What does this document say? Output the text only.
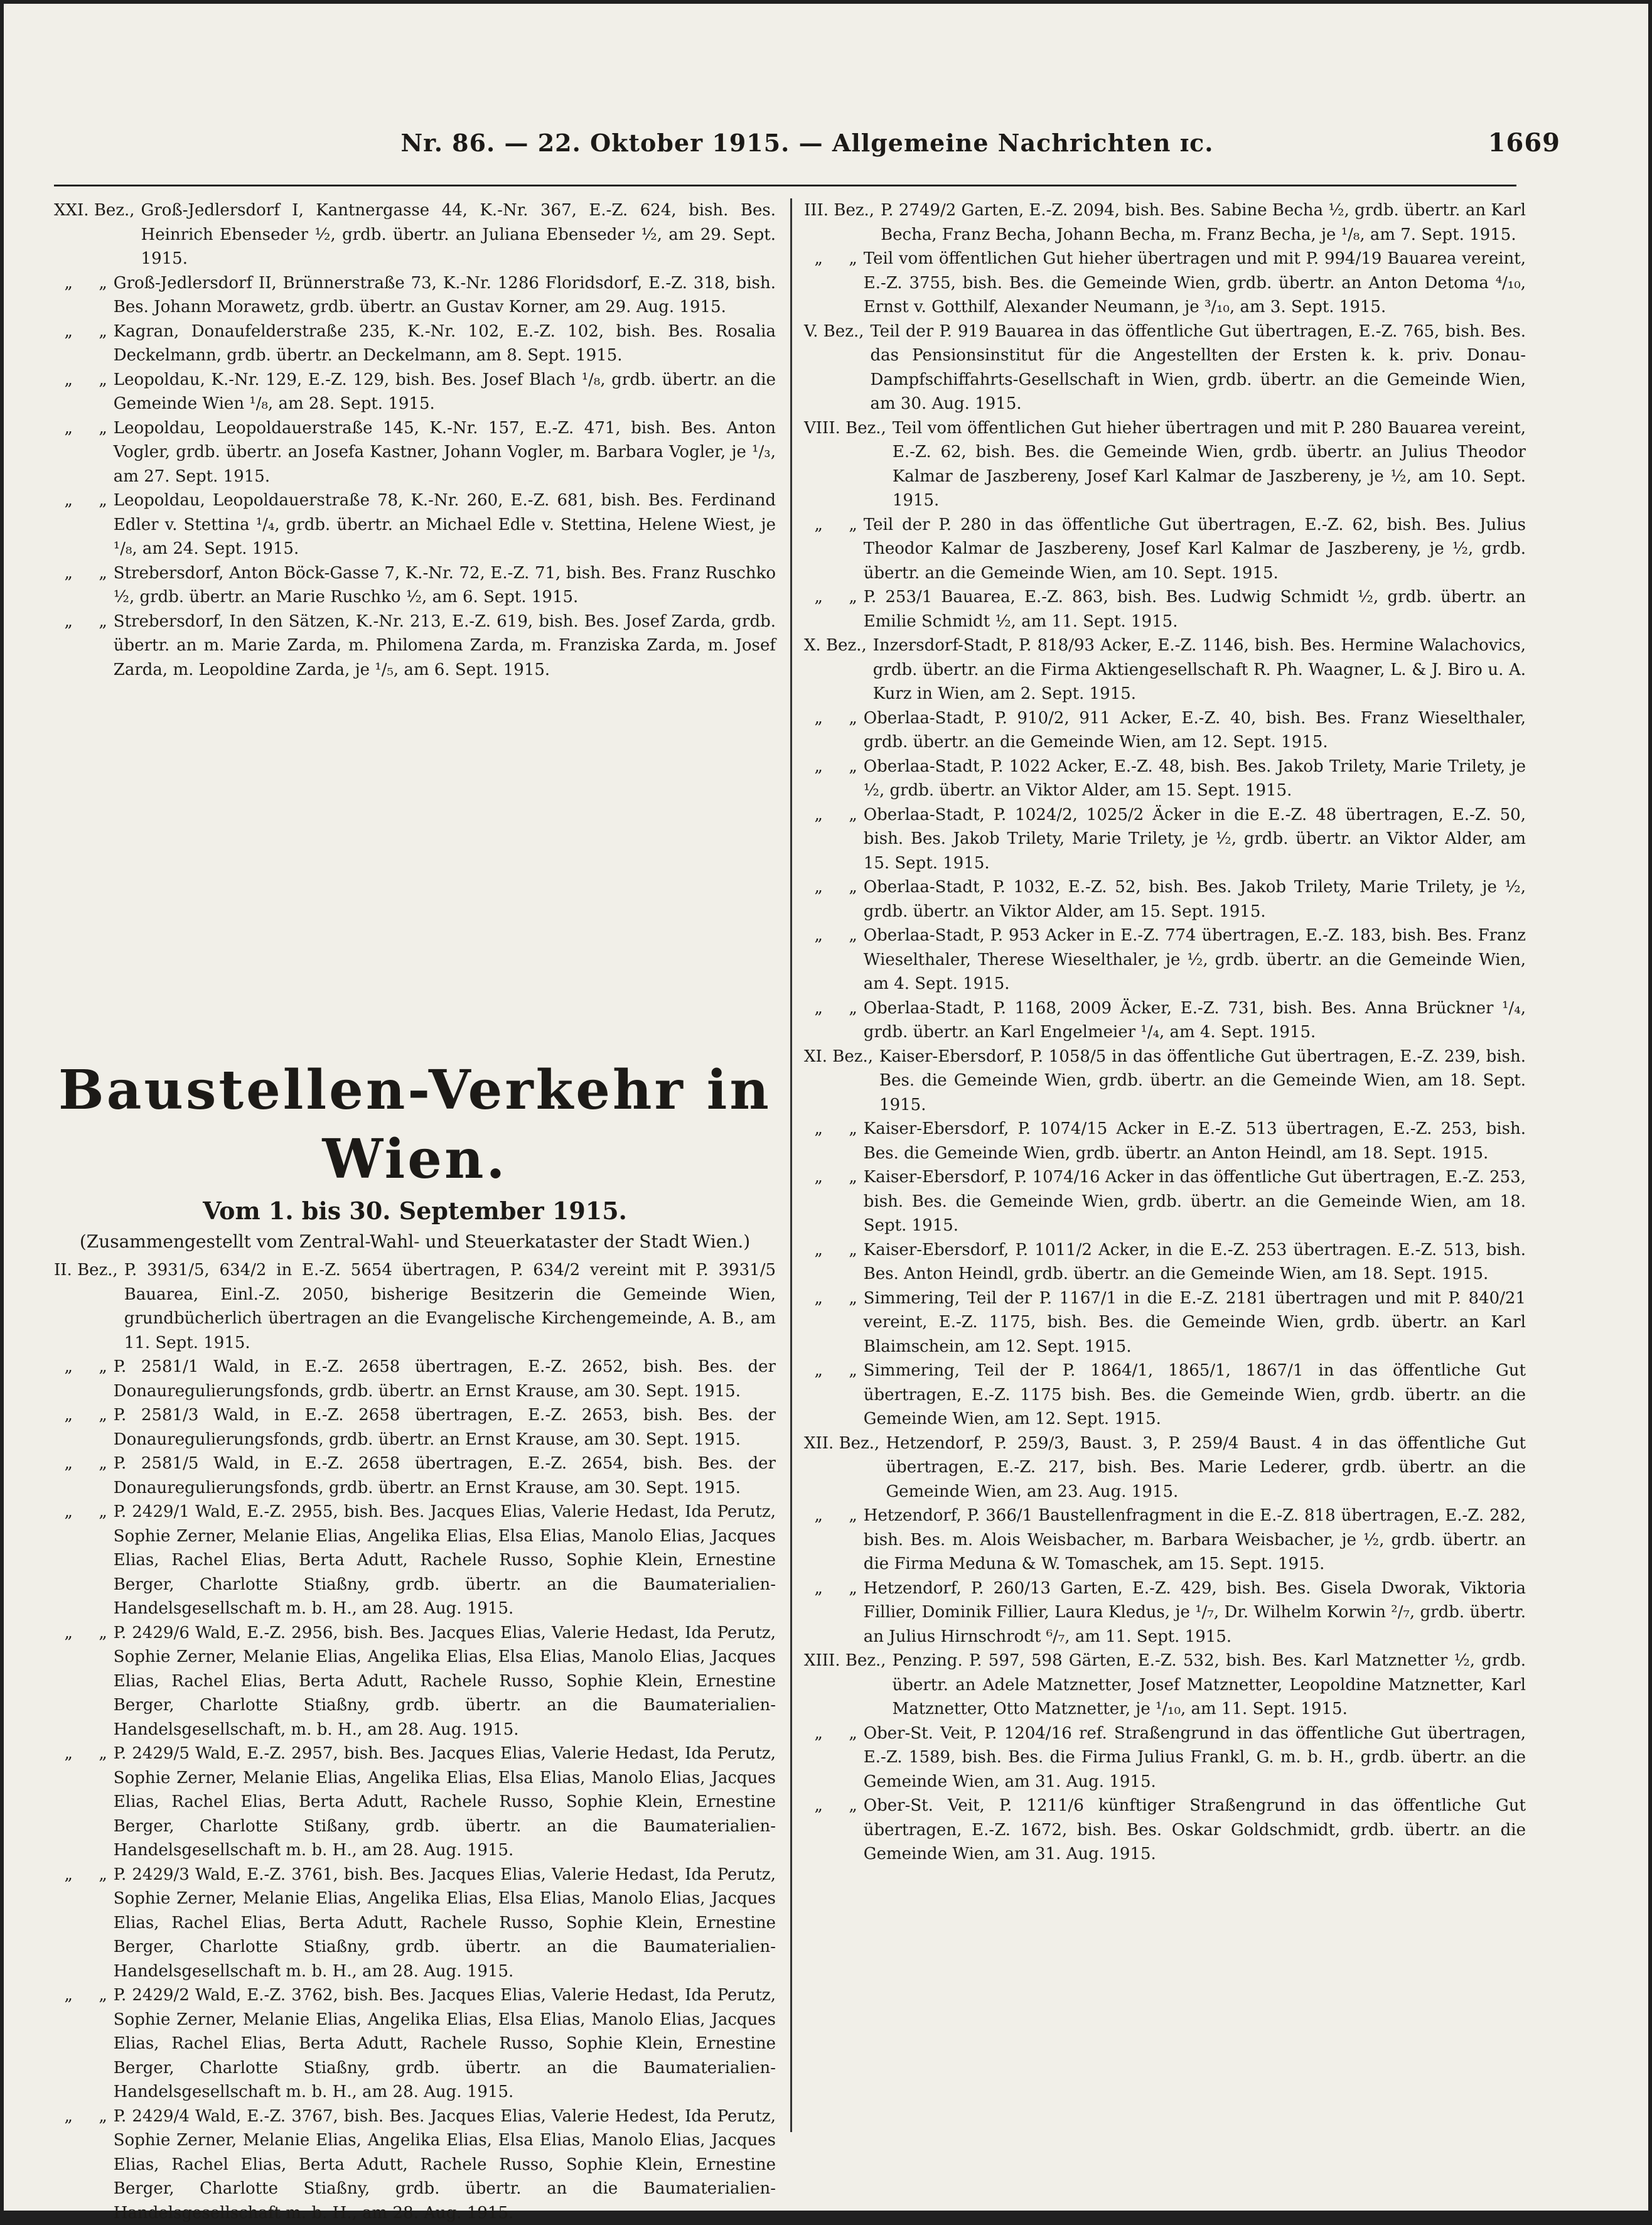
Nr. 86. — 22. Oktober 1915. — Allgemeine Nachrichten ɪc.	1669
XXI. Bez., Groß-Jedlersdorf I, Kantnergasse 44, K.-Nr. 367, E.-Z. 624, bish. Bes. Heinrich Ebenseder ½, grdb. übertr. an Juliana Ebenseder ½, am 29. Sept. 1915.
„     „ Groß-Jedlersdorf II, Brünnerstraße 73, K.-Nr. 1286 Floridsdorf, E.-Z. 318, bish. Bes. Johann Morawetz, grdb. übertr. an Gustav Korner, am 29. Aug. 1915.
„     „ Kagran, Donaufelderstraße 235, K.-Nr. 102, E.-Z. 102, bish. Bes. Rosalia Deckelmann, grdb. übertr. an Deckelmann, am 8. Sept. 1915.
„     „ Leopoldau, K.-Nr. 129, E.-Z. 129, bish. Bes. Josef Blach ¹/₈, grdb. übertr. an die Gemeinde Wien ¹/₈, am 28. Sept. 1915.
„     „ Leopoldau, Leopoldauerstraße 145, K.-Nr. 157, E.-Z. 471, bish. Bes. Anton Vogler, grdb. übertr. an Josefa Kastner, Johann Vogler, m. Barbara Vogler, je ¹/₃, am 27. Sept. 1915.
„     „ Leopoldau, Leopoldauerstraße 78, K.-Nr. 260, E.-Z. 681, bish. Bes. Ferdinand Edler v. Stettina ¹/₄, grdb. übertr. an Michael Edle v. Stettina, Helene Wiest, je ¹/₈, am 24. Sept. 1915.
„     „ Strebersdorf, Anton Böck-Gasse 7, K.-Nr. 72, E.-Z. 71, bish. Bes. Franz Ruschko ½, grdb. übertr. an Marie Ruschko ½, am 6. Sept. 1915.
„     „ Strebersdorf, In den Sätzen, K.-Nr. 213, E.-Z. 619, bish. Bes. Josef Zarda, grdb. übertr. an m. Marie Zarda, m. Philomena Zarda, m. Franziska Zarda, m. Josef Zarda, m. Leopoldine Zarda, je ¹/₅, am 6. Sept. 1915.
Baustellen-Verkehr in Wien.
Vom 1. bis 30. September 1915.
(Zusammengestellt vom Zentral-Wahl- und Steuerkataster der Stadt Wien.)
II. Bez., P. 3931/5, 634/2 in E.-Z. 5654 übertragen, P. 634/2 vereint mit P. 3931/5 Bauarea, Einl.-Z. 2050, bisherige Besitzerin die Gemeinde Wien, grundbücherlich übertragen an die Evangelische Kirchengemeinde, A. B., am 11. Sept. 1915.
„     „ P. 2581/1 Wald, in E.-Z. 2658 übertragen, E.-Z. 2652, bish. Bes. der Donauregulierungsfonds, grdb. übertr. an Ernst Krause, am 30. Sept. 1915.
„     „ P. 2581/3 Wald, in E.-Z. 2658 übertragen, E.-Z. 2653, bish. Bes. der Donauregulierungsfonds, grdb. übertr. an Ernst Krause, am 30. Sept. 1915.
„     „ P. 2581/5 Wald, in E.-Z. 2658 übertragen, E.-Z. 2654, bish. Bes. der Donauregulierungsfonds, grdb. übertr. an Ernst Krause, am 30. Sept. 1915.
„     „ P. 2429/1 Wald, E.-Z. 2955, bish. Bes. Jacques Elias, Valerie Hedast, Ida Perutz, Sophie Zerner, Melanie Elias, Angelika Elias, Elsa Elias, Manolo Elias, Jacques Elias, Rachel Elias, Berta Adutt, Rachele Russo, Sophie Klein, Ernestine Berger, Charlotte Stiaßny, grdb. übertr. an die Baumaterialien-Handelsgesellschaft m. b. H., am 28. Aug. 1915.
„     „ P. 2429/6 Wald, E.-Z. 2956, bish. Bes. Jacques Elias, Valerie Hedast, Ida Perutz, Sophie Zerner, Melanie Elias, Angelika Elias, Elsa Elias, Manolo Elias, Jacques Elias, Rachel Elias, Berta Adutt, Rachele Russo, Sophie Klein, Ernestine Berger, Charlotte Stiaßny, grdb. übertr. an die Baumaterialien-Handelsgesellschaft, m. b. H., am 28. Aug. 1915.
„     „ P. 2429/5 Wald, E.-Z. 2957, bish. Bes. Jacques Elias, Valerie Hedast, Ida Perutz, Sophie Zerner, Melanie Elias, Angelika Elias, Elsa Elias, Manolo Elias, Jacques Elias, Rachel Elias, Berta Adutt, Rachele Russo, Sophie Klein, Ernestine Berger, Charlotte Stißany, grdb. übertr. an die Baumaterialien-Handelsgesellschaft m. b. H., am 28. Aug. 1915.
„     „ P. 2429/3 Wald, E.-Z. 3761, bish. Bes. Jacques Elias, Valerie Hedast, Ida Perutz, Sophie Zerner, Melanie Elias, Angelika Elias, Elsa Elias, Manolo Elias, Jacques Elias, Rachel Elias, Berta Adutt, Rachele Russo, Sophie Klein, Ernestine Berger, Charlotte Stiaßny, grdb. übertr. an die Baumaterialien-Handelsgesellschaft m. b. H., am 28. Aug. 1915.
„     „ P. 2429/2 Wald, E.-Z. 3762, bish. Bes. Jacques Elias, Valerie Hedast, Ida Perutz, Sophie Zerner, Melanie Elias, Angelika Elias, Elsa Elias, Manolo Elias, Jacques Elias, Rachel Elias, Berta Adutt, Rachele Russo, Sophie Klein, Ernestine Berger, Charlotte Stiaßny, grdb. übertr. an die Baumaterialien-Handelsgesellschaft m. b. H., am 28. Aug. 1915.
„     „ P. 2429/4 Wald, E.-Z. 3767, bish. Bes. Jacques Elias, Valerie Hedest, Ida Perutz, Sophie Zerner, Melanie Elias, Angelika Elias, Elsa Elias, Manolo Elias, Jacques Elias, Rachel Elias, Berta Adutt, Rachele Russo, Sophie Klein, Ernestine Berger, Charlotte Stiaßny, grdb. übertr. an die Baumaterialien-Handelsgesellschaft m. b. H., am 28. Aug. 1915.
III. Bez., P. 2749/2 Garten, E.-Z. 2094, bish. Bes. Sabine Becha ½, grdb. übertr. an Karl Becha, Franz Becha, Johann Becha, m. Franz Becha, je ¹/₈, am 7. Sept. 1915.
„     „ Teil vom öffentlichen Gut hieher übertragen und mit P. 994/19 Bauarea vereint, E.-Z. 3755, bish. Bes. die Gemeinde Wien, grdb. übertr. an Anton Detoma ⁴/₁₀, Ernst v. Gotthilf, Alexander Neumann, je ³/₁₀, am 3. Sept. 1915.
V. Bez., Teil der P. 919 Bauarea in das öffentliche Gut übertragen, E.-Z. 765, bish. Bes. das Pensionsinstitut für die Angestellten der Ersten k. k. priv. Donau-Dampfschiffahrts-Gesellschaft in Wien, grdb. übertr. an die Gemeinde Wien, am 30. Aug. 1915.
VIII. Bez., Teil vom öffentlichen Gut hieher übertragen und mit P. 280 Bauarea vereint, E.-Z. 62, bish. Bes. die Gemeinde Wien, grdb. übertr. an Julius Theodor Kalmar de Jaszbereny, Josef Karl Kalmar de Jaszbereny, je ½, am 10. Sept. 1915.
„     „ Teil der P. 280 in das öffentliche Gut übertragen, E.-Z. 62, bish. Bes. Julius Theodor Kalmar de Jaszbereny, Josef Karl Kalmar de Jaszbereny, je ½, grdb. übertr. an die Gemeinde Wien, am 10. Sept. 1915.
„     „ P. 253/1 Bauarea, E.-Z. 863, bish. Bes. Ludwig Schmidt ½, grdb. übertr. an Emilie Schmidt ½, am 11. Sept. 1915.
X. Bez., Inzersdorf-Stadt, P. 818/93 Acker, E.-Z. 1146, bish. Bes. Hermine Walachovics, grdb. übertr. an die Firma Aktiengesellschaft R. Ph. Waagner, L. & J. Biro u. A. Kurz in Wien, am 2. Sept. 1915.
„     „ Oberlaa-Stadt, P. 910/2, 911 Acker, E.-Z. 40, bish. Bes. Franz Wieselthaler, grdb. übertr. an die Gemeinde Wien, am 12. Sept. 1915.
„     „ Oberlaa-Stadt, P. 1022 Acker, E.-Z. 48, bish. Bes. Jakob Trilety, Marie Trilety, je ½, grdb. übertr. an Viktor Alder, am 15. Sept. 1915.
„     „ Oberlaa-Stadt, P. 1024/2, 1025/2 Äcker in die E.-Z. 48 übertragen, E.-Z. 50, bish. Bes. Jakob Trilety, Marie Trilety, je ½, grdb. übertr. an Viktor Alder, am 15. Sept. 1915.
„     „ Oberlaa-Stadt, P. 1032, E.-Z. 52, bish. Bes. Jakob Trilety, Marie Trilety, je ½, grdb. übertr. an Viktor Alder, am 15. Sept. 1915.
„     „ Oberlaa-Stadt, P. 953 Acker in E.-Z. 774 übertragen, E.-Z. 183, bish. Bes. Franz Wieselthaler, Therese Wieselthaler, je ½, grdb. übertr. an die Gemeinde Wien, am 4. Sept. 1915.
„     „ Oberlaa-Stadt, P. 1168, 2009 Äcker, E.-Z. 731, bish. Bes. Anna Brückner ¹/₄, grdb. übertr. an Karl Engelmeier ¹/₄, am 4. Sept. 1915.
XI. Bez., Kaiser-Ebersdorf, P. 1058/5 in das öffentliche Gut übertragen, E.-Z. 239, bish. Bes. die Gemeinde Wien, grdb. übertr. an die Gemeinde Wien, am 18. Sept. 1915.
„     „ Kaiser-Ebersdorf, P. 1074/15 Acker in E.-Z. 513 übertragen, E.-Z. 253, bish. Bes. die Gemeinde Wien, grdb. übertr. an Anton Heindl, am 18. Sept. 1915.
„     „ Kaiser-Ebersdorf, P. 1074/16 Acker in das öffentliche Gut übertragen, E.-Z. 253, bish. Bes. die Gemeinde Wien, grdb. übertr. an die Gemeinde Wien, am 18. Sept. 1915.
„     „ Kaiser-Ebersdorf, P. 1011/2 Acker, in die E.-Z. 253 übertragen. E.-Z. 513, bish. Bes. Anton Heindl, grdb. übertr. an die Gemeinde Wien, am 18. Sept. 1915.
„     „ Simmering, Teil der P. 1167/1 in die E.-Z. 2181 übertragen und mit P. 840/21 vereint, E.-Z. 1175, bish. Bes. die Gemeinde Wien, grdb. übertr. an Karl Blaimschein, am 12. Sept. 1915.
„     „ Simmering, Teil der P. 1864/1, 1865/1, 1867/1 in das öffentliche Gut übertragen, E.-Z. 1175 bish. Bes. die Gemeinde Wien, grdb. übertr. an die Gemeinde Wien, am 12. Sept. 1915.
XII. Bez., Hetzendorf, P. 259/3, Baust. 3, P. 259/4 Baust. 4 in das öffentliche Gut übertragen, E.-Z. 217, bish. Bes. Marie Lederer, grdb. übertr. an die Gemeinde Wien, am 23. Aug. 1915.
„     „ Hetzendorf, P. 366/1 Baustellenfragment in die E.-Z. 818 übertragen, E.-Z. 282, bish. Bes. m. Alois Weisbacher, m. Barbara Weisbacher, je ½, grdb. übertr. an die Firma Meduna & W. Tomaschek, am 15. Sept. 1915.
„     „ Hetzendorf, P. 260/13 Garten, E.-Z. 429, bish. Bes. Gisela Dworak, Viktoria Fillier, Dominik Fillier, Laura Kledus, je ¹/₇, Dr. Wilhelm Korwin ²/₇, grdb. übertr. an Julius Hirnschrodt ⁶/₇, am 11. Sept. 1915.
XIII. Bez., Penzing. P. 597, 598 Gärten, E.-Z. 532, bish. Bes. Karl Matznetter ½, grdb. übertr. an Adele Matznetter, Josef Matznetter, Leopoldine Matznetter, Karl Matznetter, Otto Matznetter, je ¹/₁₀, am 11. Sept. 1915.
„     „ Ober-St. Veit, P. 1204/16 ref. Straßengrund in das öffentliche Gut übertragen, E.-Z. 1589, bish. Bes. die Firma Julius Frankl, G. m. b. H., grdb. übertr. an die Gemeinde Wien, am 31. Aug. 1915.
„     „ Ober-St. Veit, P. 1211/6 künftiger Straßengrund in das öffentliche Gut übertragen, E.-Z. 1672, bish. Bes. Oskar Goldschmidt, grdb. übertr. an die Gemeinde Wien, am 31. Aug. 1915.
